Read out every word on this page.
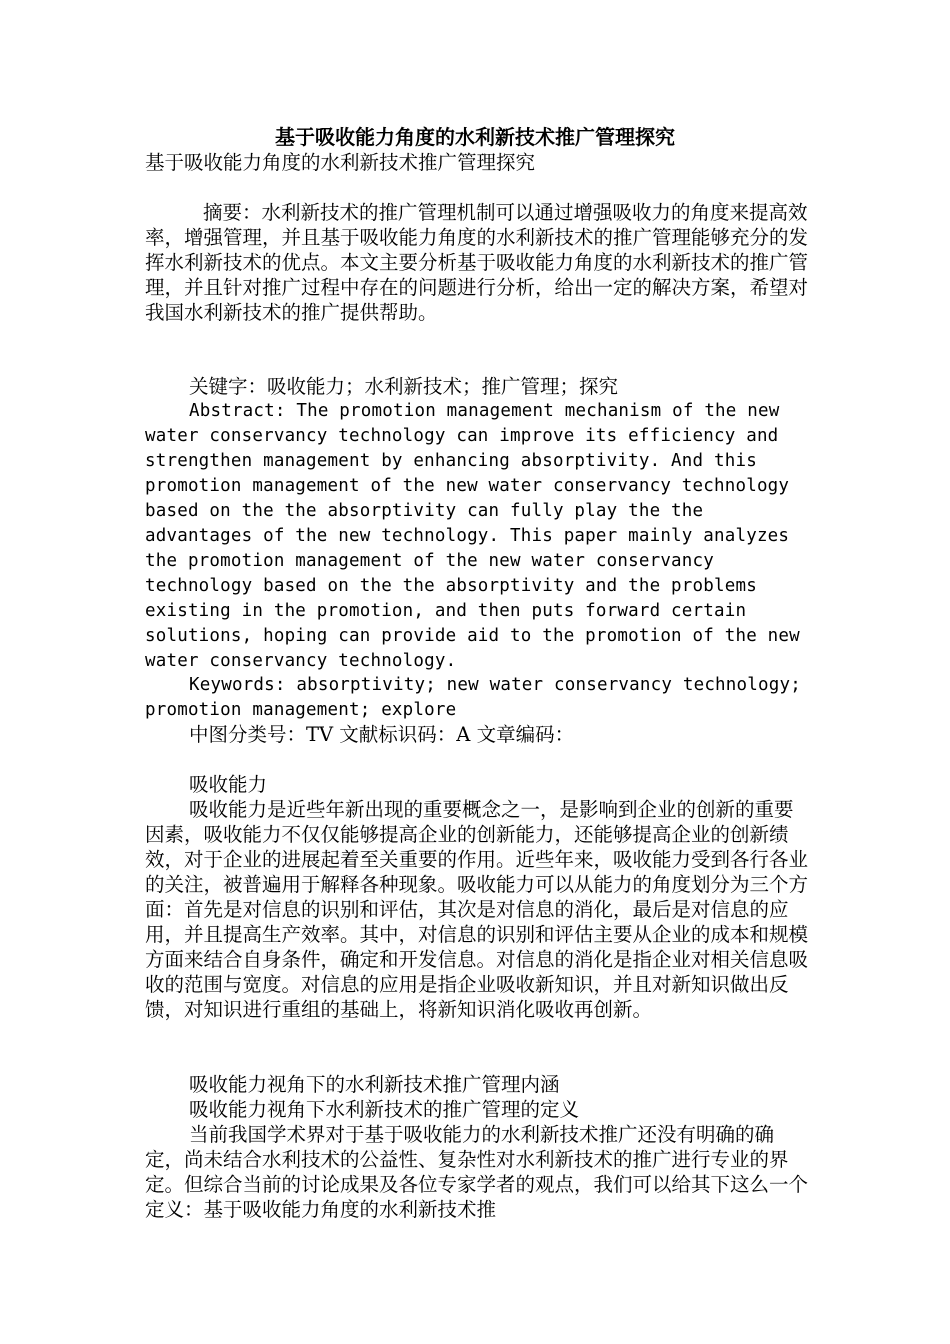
基于吸收能力角度的水利新技术推广管理探究

基于吸收能力角度的水利新技术推广管理探究

摘要：水利新技术的推广管理机制可以通过增强吸收力的角度来提高效率，增强管理，并且基于吸收能力角度的水利新技术的推广管理能够充分的发挥水利新技术的优点。本文主要分析基于吸收能力角度的水利新技术的推广管理，并且针对推广过程中存在的问题进行分析，给出一定的解决方案，希望对我国水利新技术的推广提供帮助。

关键字：吸收能力；水利新技术；推广管理；探究

Abstract: The promotion management mechanism of the new water conservancy technology can improve its efficiency and strengthen management by enhancing absorptivity. And this promotion management of the new water conservancy technology based on the the absorptivity can fully play the the advantages of the new technology. This paper mainly analyzes the promotion management of the new water conservancy technology based on the the absorptivity and the problems existing in the promotion, and then puts forward certain solutions, hoping can provide aid to the promotion of the new water conservancy technology.

Keywords: absorptivity; new water conservancy technology; promotion management; explore

中图分类号：TV 文献标识码：A 文章编码：

吸收能力

吸收能力是近些年新出现的重要概念之一，是影响到企业的创新的重要因素，吸收能力不仅仅能够提高企业的创新能力，还能够提高企业的创新绩效，对于企业的进展起着至关重要的作用。近些年来，吸收能力受到各行各业的关注，被普遍用于解释各种现象。吸收能力可以从能力的角度划分为三个方面：首先是对信息的识别和评估，其次是对信息的消化，最后是对信息的应用，并且提高生产效率。其中，对信息的识别和评估主要从企业的成本和规模方面来结合自身条件，确定和开发信息。对信息的消化是指企业对相关信息吸收的范围与宽度。对信息的应用是指企业吸收新知识，并且对新知识做出反馈，对知识进行重组的基础上，将新知识消化吸收再创新。

吸收能力视角下的水利新技术推广管理内涵

吸收能力视角下水利新技术的推广管理的定义

当前我国学术界对于基于吸收能力的水利新技术推广还没有明确的确定，尚未结合水利技术的公益性、复杂性对水利新技术的推广进行专业的界定。但综合当前的讨论成果及各位专家学者的观点，我们可以给其下这么一个定义：基于吸收能力角度的水利新技术推
